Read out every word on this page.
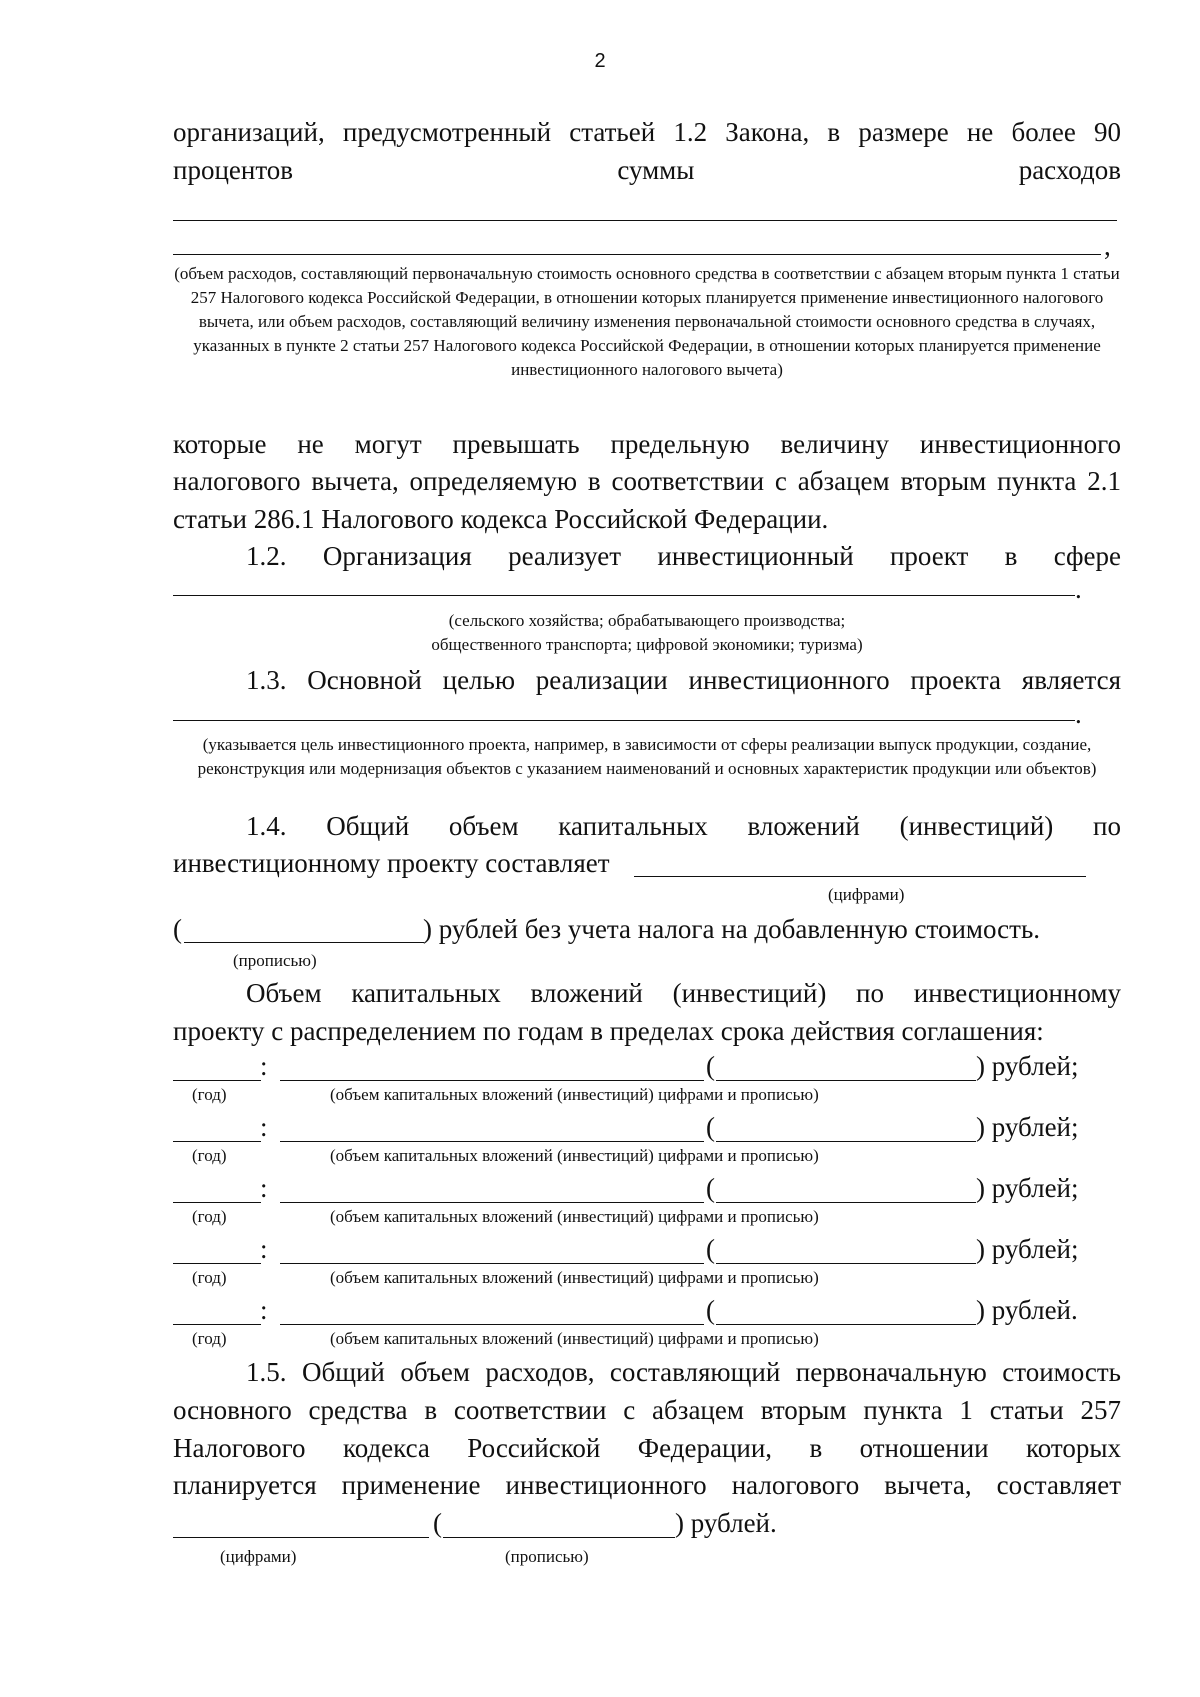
2
организаций, предусмотренный статьей 1.2 Закона, в размере не более 90
процентов суммы расходов
,
(объем расходов, составляющий первоначальную стоимость основного средства в соответствии с абзацем вторым пункта 1 статьи 257 Налогового кодекса Российской Федерации, в отношении которых планируется применение инвестиционного налогового вычета, или объем расходов, составляющий величину изменения первоначальной стоимости основного средства в случаях, указанных в пункте 2 статьи 257 Налогового кодекса Российской Федерации, в отношении которых планируется применение инвестиционного налогового вычета)
которые не могут превышать предельную величину инвестиционного
налогового вычета, определяемую в соответствии с абзацем вторым пункта 2.1
статьи 286.1 Налогового кодекса Российской Федерации.
1.2. Организация реализует инвестиционный проект в сфере
.
(сельского хозяйства; обрабатывающего производства;
общественного транспорта; цифровой экономики; туризма)
1.3. Основной целью реализации инвестиционного проекта является
.
(указывается цель инвестиционного проекта, например, в зависимости от сферы реализации выпуск продукции, создание, реконструкция или модернизация объектов с указанием наименований и основных характеристик продукции или объектов)
1.4. Общий объем капитальных вложений (инвестиций) по
инвестиционному проекту составляет
(цифрами)
(	) рублей без учета налога на добавленную стоимость.
(прописью)
Объем капитальных вложений (инвестиций) по инвестиционному
проекту с распределением по годам в пределах срока действия соглашения:
:	(	) рублей;
(год)	(объем капитальных вложений (инвестиций) цифрами и прописью)
:	(	) рублей;
(год)	(объем капитальных вложений (инвестиций) цифрами и прописью)
:	(	) рублей;
(год)	(объем капитальных вложений (инвестиций) цифрами и прописью)
:	(	) рублей;
(год)	(объем капитальных вложений (инвестиций) цифрами и прописью)
:	(	) рублей.
(год)	(объем капитальных вложений (инвестиций) цифрами и прописью)
1.5. Общий объем расходов, составляющий первоначальную стоимость
основного средства в соответствии с абзацем вторым пункта 1 статьи 257
Налогового кодекса Российской Федерации, в отношении которых
планируется применение инвестиционного налогового вычета, составляет
(	) рублей.
(цифрами)	(прописью)
